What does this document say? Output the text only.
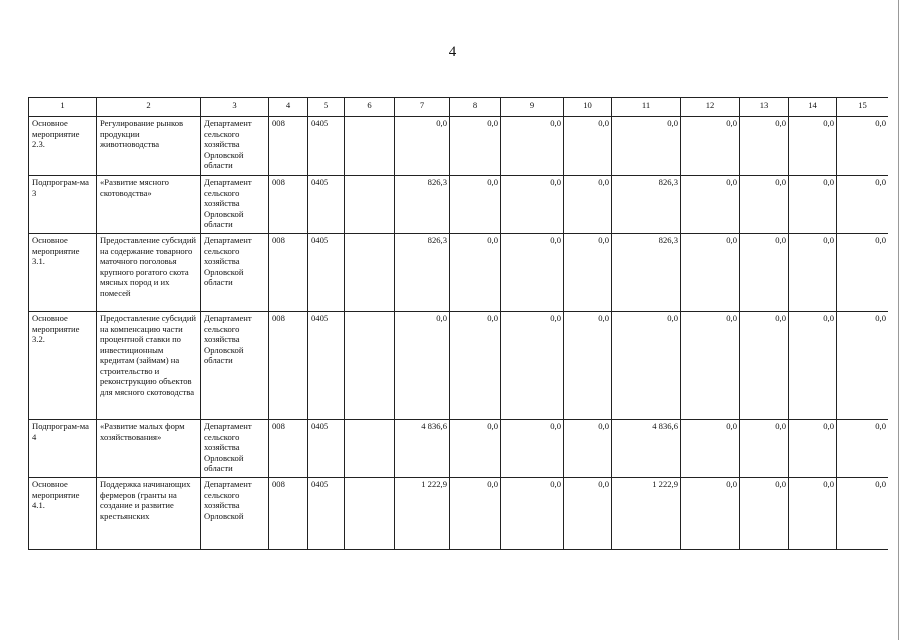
4
1	2	3	4	5	6	7	8	9	10	11	12	13	14	15
Основное мероприятие 2.3.	Регулирование рынков продукции животноводства	Департамент сельского хозяйства Орловской области	008	0405		0,0	0,0	0,0	0,0	0,0	0,0	0,0	0,0	0,0
Подпрограм-ма 3	«Развитие мясного скотоводства»	Департамент сельского хозяйства Орловской области	008	0405		826,3	0,0	0,0	0,0	826,3	0,0	0,0	0,0	0,0
Основное мероприятие 3.1.	Предоставление субсидий на содержание товарного маточного поголовья крупного рогатого скота мясных пород и их помесей	Департамент сельского хозяйства Орловской области	008	0405		826,3	0,0	0,0	0,0	826,3	0,0	0,0	0,0	0,0
Основное мероприятие 3.2.	Предоставление субсидий на компенсацию части процентной ставки по инвестиционным кредитам (займам) на строительство и реконструкцию объектов для мясного скотоводства	Департамент сельского хозяйства Орловской области	008	0405		0,0	0,0	0,0	0,0	0,0	0,0	0,0	0,0	0,0
Подпрограм-ма 4	«Развитие малых форм хозяйствования»	Департамент сельского хозяйства Орловской области	008	0405		4 836,6	0,0	0,0	0,0	4 836,6	0,0	0,0	0,0	0,0
Основное мероприятие 4.1.	Поддержка начинающих фермеров (гранты на создание и развитие крестьянских	Департамент сельского хозяйства Орловской	008	0405		1 222,9	0,0	0,0	0,0	1 222,9	0,0	0,0	0,0	0,0
